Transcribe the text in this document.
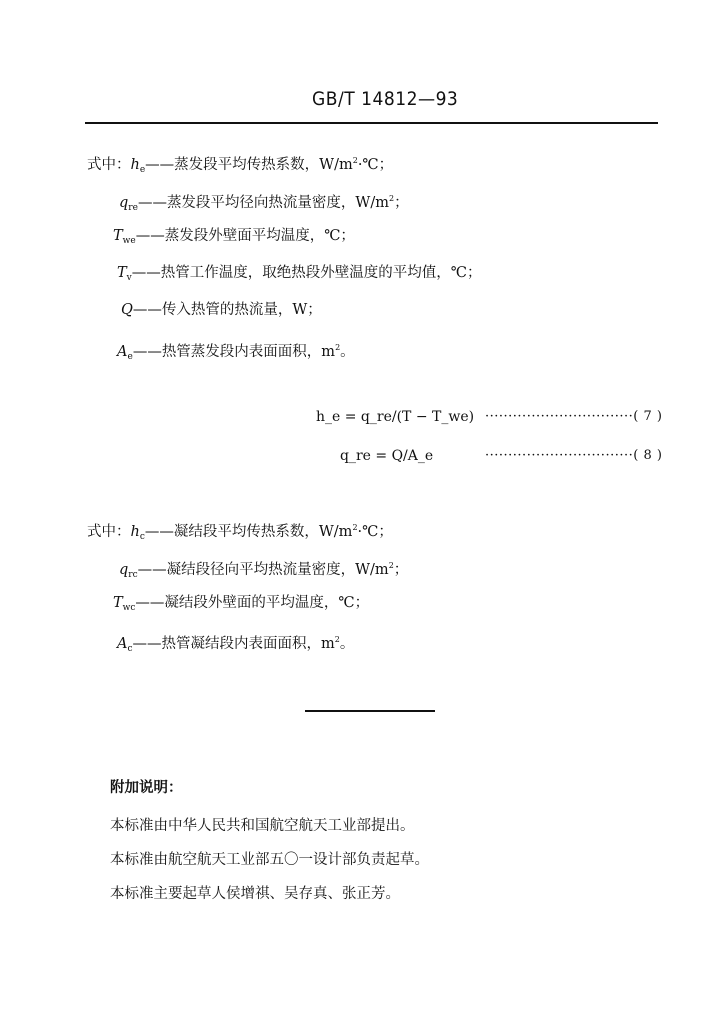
GB/T 14812—93
式中：$h_e——$蒸发段平均传热系数，$W/m^2\cdot℃$；
$q_{re}——$蒸发段平均径向热流量密度，$W/m^2$；
$T_{we}——$蒸发段外壁面平均温度，℃；
$T_v——$热管工作温度，取绝热段外壁温度的平均值，℃；
Q——传入热管的热流量，W；
$A_e——$热管蒸发段内表面面积，$m^2$。
h_e = q_re/(T − T_we) ································( 7 )
q_re = Q/A_e	································( 8 )
式中：$h_c——$凝结段平均传热系数，$W/m^2\cdot℃$；
$q_{rc}——$凝结段径向平均热流量密度，$W/m^2$；
$T_{wc}——$凝结段外壁面的平均温度，℃；
$A_c——$热管凝结段内表面面积，$m^2$。
附加说明：
本标准由中华人民共和国航空航天工业部提出。
本标准由航空航天工业部五〇一设计部负责起草。
本标准主要起草人侯增祺、吴存真、张正芳。
